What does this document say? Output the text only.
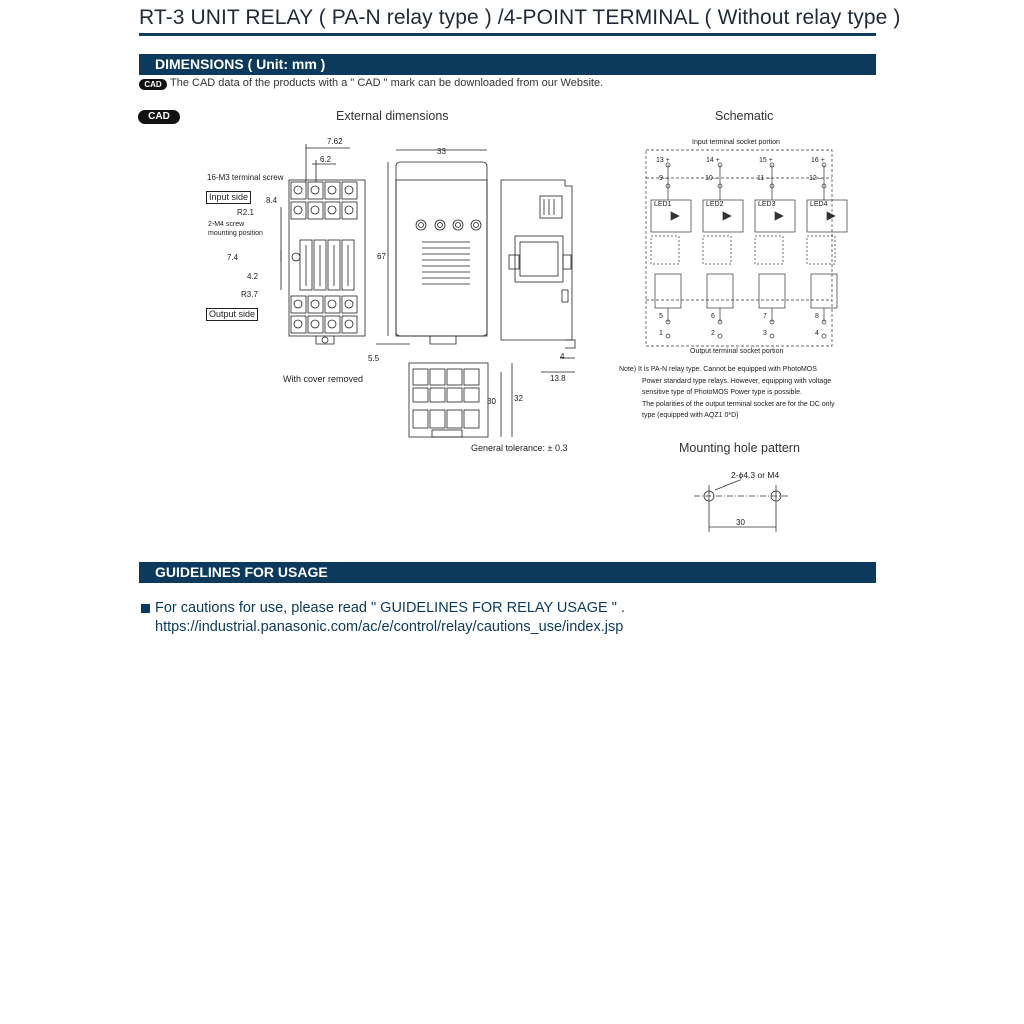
RT-3 UNIT RELAY ( PA-N relay type ) /4-POINT TERMINAL ( Without relay type )
DIMENSIONS ( Unit: mm )
CAD The CAD data of the products with a " CAD " mark can be downloaded from our Website.
CAD	External dimensions	Schematic
7.62
6.2
16-M3 terminal screw
Input side	8.4
R2.1
2-M4 screw
mounting position
7.4
4.2
R3.7
Output side
With cover removed
33
67
5.5	4
13.8
30 32
General tolerance: ± 0.3
Input terminal socket portion
Output terminal socket portion
13 +	14 +	15 +	16 +
9 –	10 –	11 –	12 –
LED1	LED2	LED3	LED4
5	6	7	8
1	2	3	4
Note) It is PA-N relay type. Cannot be equipped with PhotoMOS
Power standard type relays. However, equipping with voltage
sensitive type of PhotoMOS Power type is possible.
The polarities of the output terminal socket are for the DC only
type (equipped with AQZ1 0*D)
Mounting hole pattern
2-ϕ4.3 or M4
30
GUIDELINES FOR USAGE
For cautions for use, please read " GUIDELINES FOR RELAY USAGE " .
https://industrial.panasonic.com/ac/e/control/relay/cautions_use/index.jsp
